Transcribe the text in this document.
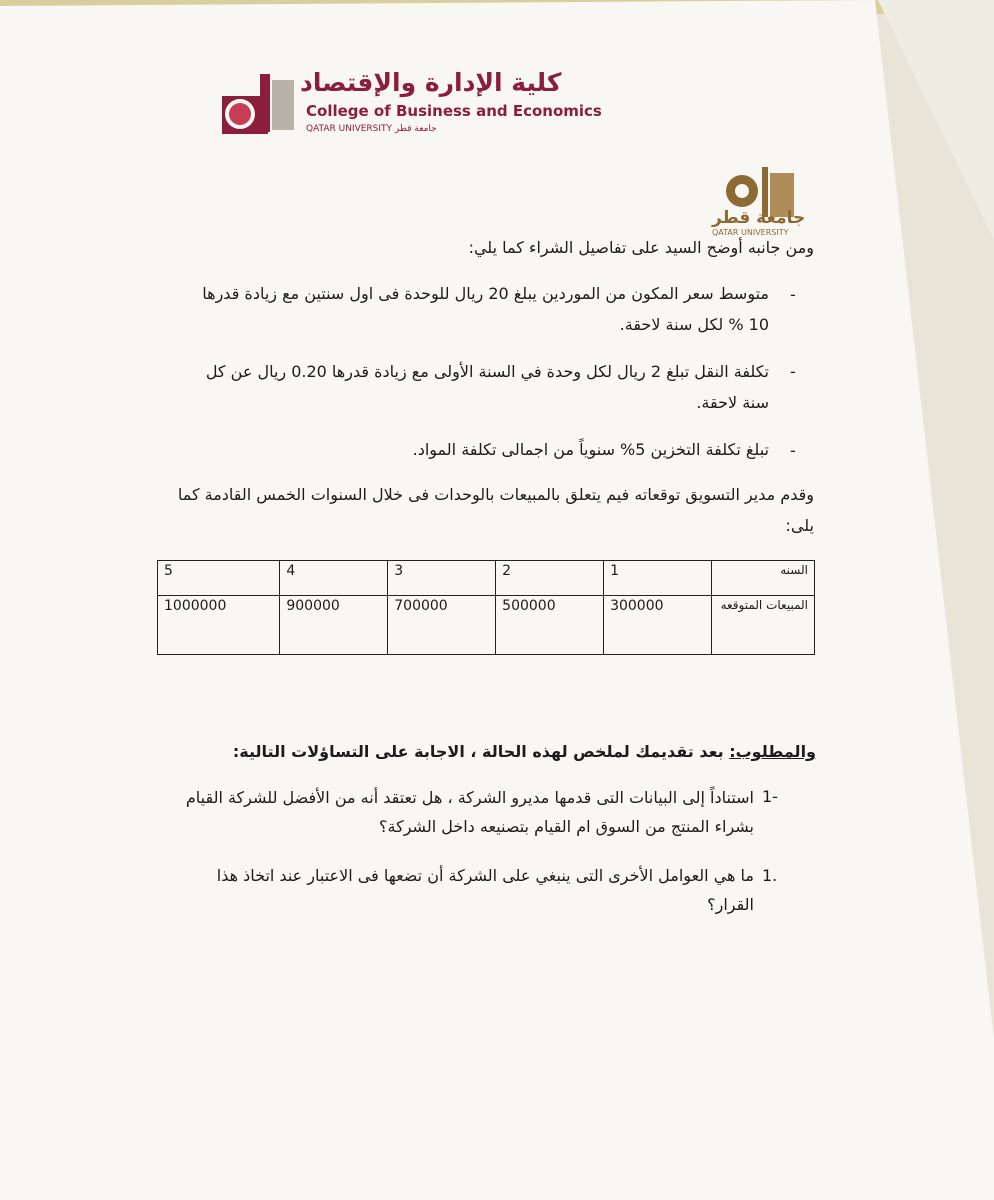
كلية الإدارة والإقتصاد
College of Business and Economics
QATAR UNIVERSITY جامعة قطر
جامعة قطر
QATAR UNIVERSITY
ومن جانبه أوضح السيد على تفاصيل الشراء كما يلي:
-
متوسط سعر المكون من الموردين يبلغ 20 ريال للوحدة فى اول سنتين مع زيادة قدرها
10 % لكل سنة لاحقة.
-
تكلفة النقل تبلغ 2 ريال لكل وحدة في السنة الأولى مع زيادة قدرها 0.20 ريال عن كل
سنة لاحقة.
-
تبلغ تكلفة التخزين 5% سنوياً من اجمالى تكلفة المواد.
وقدم مدير التسويق توقعاته فيم يتعلق بالمبيعات بالوحدات فى خلال السنوات الخمس القادمة كما
يلى:
5	4	3	2	1	السنه
1000000	900000	700000	500000	300000	المبيعات المتوقعه
والمطلوب: بعد تقديمك لملخص لهذه الحالة ، الاجابة على التساؤلات التالية:
1-
استناداً إلى البيانات التى قدمها مديرو الشركة ، هل تعتقد أنه من الأفضل للشركة القيام
بشراء المنتج من السوق ام القيام بتصنيعه داخل الشركة؟
1.
ما هي العوامل الأخرى التى ينبغي على الشركة أن تضعها فى الاعتبار عند اتخاذ هذا
القرار؟
